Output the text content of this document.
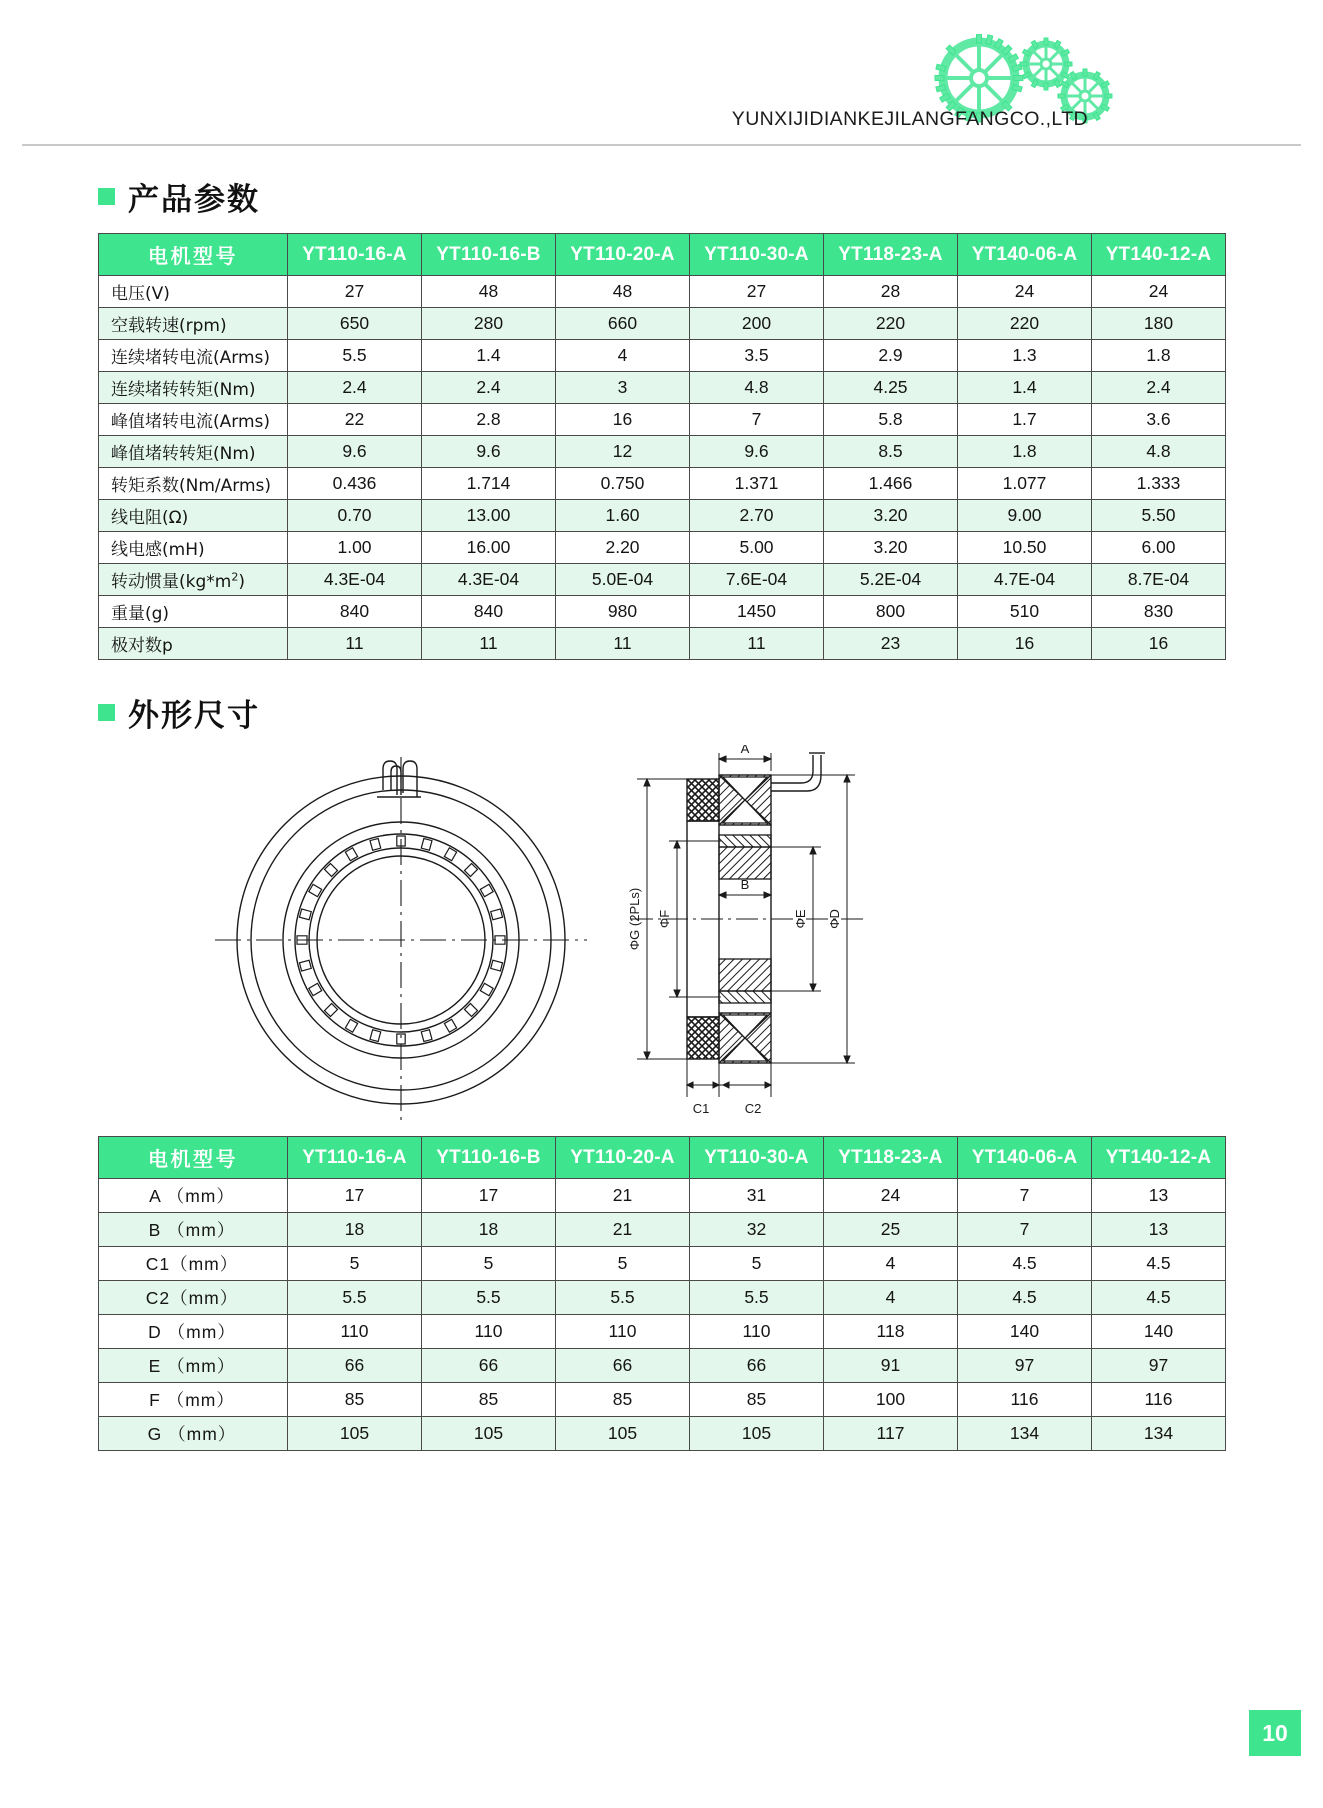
YUNXIJIDIANKEJILANGFANGCO.,LTD
产品参数
电机型号	YT110-16-A	YT110-16-B	YT110-20-A	YT110-30-A	YT118-23-A	YT140-06-A	YT140-12-A
电压(V)	27	48	48	27	28	24	24
空载转速(rpm)	650	280	660	200	220	220	180
连续堵转电流(Arms)	5.5	1.4	4	3.5	2.9	1.3	1.8
连续堵转转矩(Nm)	2.4	2.4	3	4.8	4.25	1.4	2.4
峰值堵转电流(Arms)	22	2.8	16	7	5.8	1.7	3.6
峰值堵转转矩(Nm)	9.6	9.6	12	9.6	8.5	1.8	4.8
转矩系数(Nm/Arms)	0.436	1.714	0.750	1.371	1.466	1.077	1.333
线电阻(Ω)	0.70	13.00	1.60	2.70	3.20	9.00	5.50
线电感(mH)	1.00	16.00	2.20	5.00	3.20	10.50	6.00
转动惯量$(kg*m^2)$	4.3E-04	4.3E-04	5.0E-04	7.6E-04	5.2E-04	4.7E-04	8.7E-04
重量(g)	840	840	980	1450	800	510	830
极对数p	11	11	11	11	23	16	16
外形尺寸
A
B
C1	C2
ΦG (2PLs) ΦF	ΦE ΦD
电机型号	YT110-16-A	YT110-16-B	YT110-20-A	YT110-30-A	YT118-23-A	YT140-06-A	YT140-12-A
A （mm）	17	17	21	31	24	7	13
B （mm）	18	18	21	32	25	7	13
C1（mm）	5	5	5	5	4	4.5	4.5
C2（mm）	5.5	5.5	5.5	5.5	4	4.5	4.5
D （mm）	110	110	110	110	118	140	140
E （mm）	66	66	66	66	91	97	97
F （mm）	85	85	85	85	100	116	116
G （mm）	105	105	105	105	117	134	134
10
